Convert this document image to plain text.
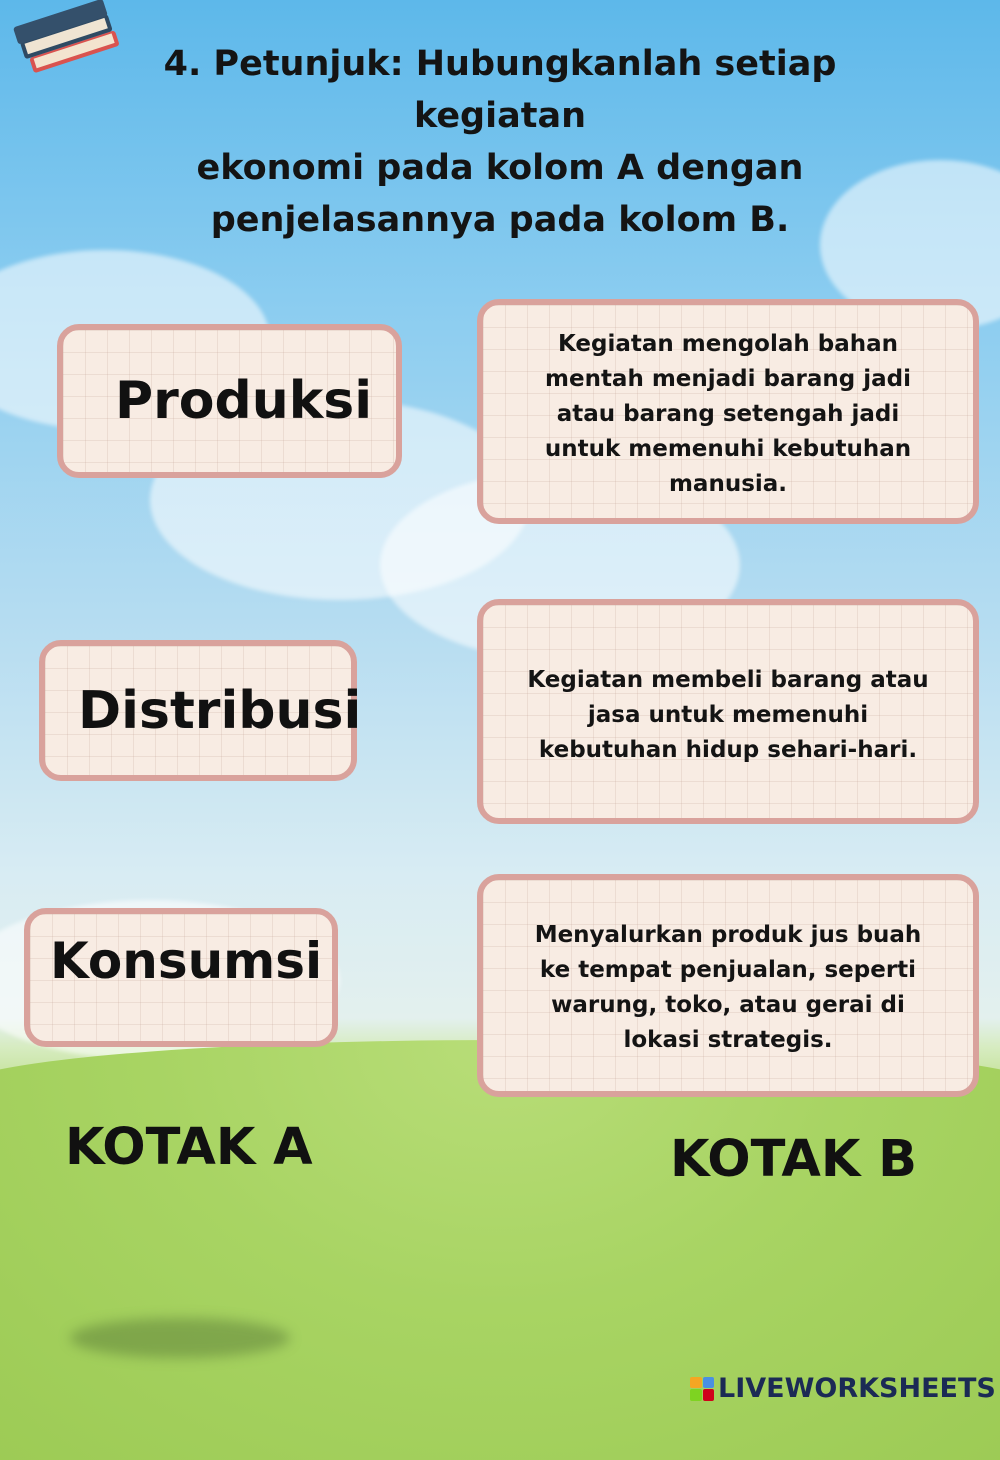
4. Petunjuk: Hubungkanlah setiap kegiatan
ekonomi pada kolom A dengan
penjelasannya pada kolom B.
Produksi
Distribusi
Konsumsi
Kegiatan mengolah bahan mentah menjadi barang jadi atau barang setengah jadi untuk memenuhi kebutuhan manusia.
Kegiatan membeli barang atau jasa untuk memenuhi kebutuhan hidup sehari-hari.
Menyalurkan produk jus buah ke tempat penjualan, seperti warung, toko, atau gerai di lokasi strategis.
KOTAK A	KOTAK B
LIVEWORKSHEETS
